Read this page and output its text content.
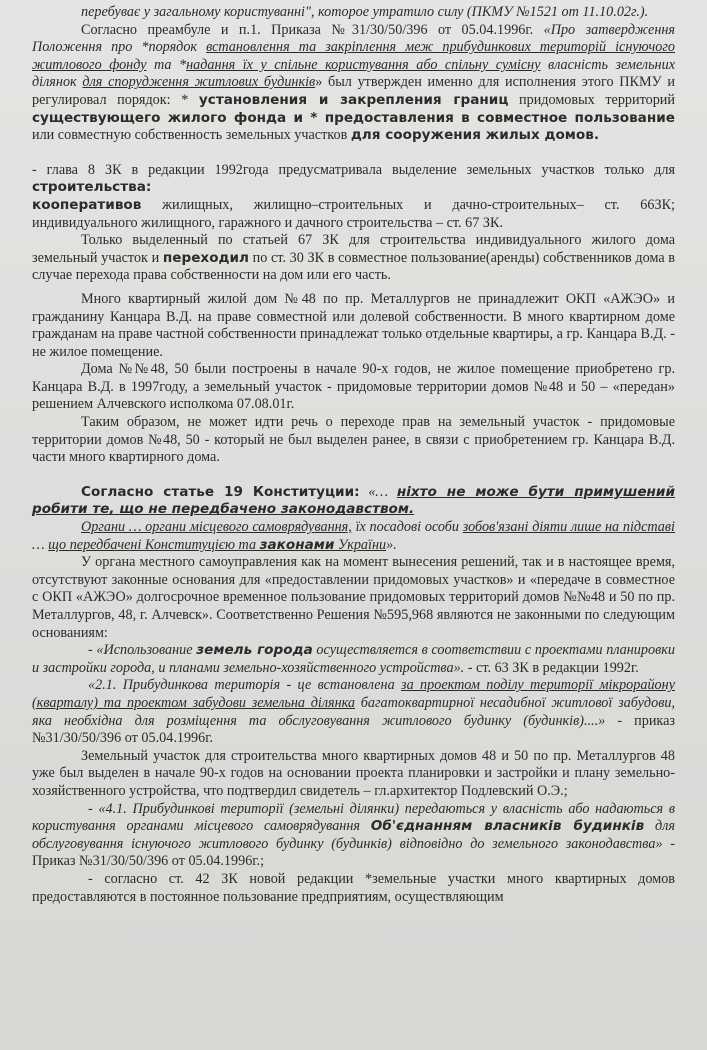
перебуває у загальному користуванні", которое утратило силу (ПКМУ №1521 от 11.10.02г.).

Согласно преамбуле и п.1. Приказа №31/30/50/396 от 05.04.1996г. «Про затвердження Положення про *порядок встановлення та закріплення меж прибудинкових територій існуючого житлового фонду та *надання їх у спільне користування або спільну сумісну власність земельних ділянок для спорудження житлових будинків» был утвержден именно для исполнения этого ПКМУ и регулировал порядок: * установления и закрепления границ придомовых территорий существующего жилого фонда и * предоставления в совместное пользование или совместную собственность земельных участков для сооружения жилых домов.

- глава 8 ЗК в редакции 1992года предусматривала выделение земельных участков только для строительства:

кооперативов жилищных, жилищно–строительных и дачно-строительных– ст. 66ЗК; индивидуального жилищного, гаражного и дачного строительства – ст. 67 ЗК.

Только выделенный по статьей 67 ЗК для строительства индивидуального жилого дома земельный участок и переходил по ст. 30 ЗК в совместное пользование(аренды) собственников дома в случае перехода права собственности на дом или его часть.

Много квартирный жилой дом №48 по пр. Металлургов не принадлежит ОКП «АЖЭО» и гражданину Канцара В.Д. на праве совместной или долевой собственности. В много квартирном доме гражданам на праве частной собственности принадлежат только отдельные квартиры, а гр. Канцара В.Д. - не жилое помещение.

Дома №№48, 50 были построены в начале 90-х годов, не жилое помещение приобретено гр. Канцара В.Д. в 1997году, а земельный участок - придомовые территории домов №48 и 50 – «передан» решением Алчевского исполкома 07.08.01г.

Таким образом, не может идти речь о переходе прав на земельный участок - придомовые территории домов №48, 50 - который не был выделен ранее, в связи с приобретением гр. Канцара В.Д. части много квартирного дома.

Согласно статье 19 Конституции: «… ніхто не може бути примушений робити те, що не передбачено законодавством.

Органи … органи місцевого самоврядування, їх посадові особи зобов'язані діяти лише на підставі … що передбачені Конституцією та законами України».

У органа местного самоуправления как на момент вынесения решений, так и в настоящее время, отсутствуют законные основания для «предоставлении придомовых участков» и «передаче в совместное с ОКП «АЖЭО» долгосрочное временное пользование придомовых территорий домов №№48 и 50 по пр. Металлургов, 48, г. Алчевск». Соответственно Решения №595,968 являются не законными по следующим основаниям:

- «Использование земель города осуществляется в соответствии с проектами планировки и застройки города, и планами земельно-хозяйственного устройства». - ст. 63 ЗК в редакции 1992г.

«2.1. Прибудинкова територія - це встановлена за проектом поділу території мікрорайону (кварталу) та проектом забудови земельна ділянка багатоквартирної несадибної житлової забудови, яка необхідна для розміщення та обслуговування житлового будинку (будинків)....» - приказ №31/30/50/396 от 05.04.1996г.

Земельный участок для строительства много квартирных домов 48 и 50 по пр. Металлургов 48 уже был выделен в начале 90-х годов на основании проекта планировки и застройки и плану земельно-хозяйственного устройства, что подтвердил свидетель – гл.архитектор Подлевский О.Э.;

- «4.1. Прибудинкові території (земельні ділянки) передаються у власність або надаються в користування органами місцевого самоврядування Об'єднанням власників будинків для обслуговування існуючого житлового будинку (будинків) відповідно до земельного законодавства» - Приказ №31/30/50/396 от 05.04.1996г.;

- согласно ст. 42 ЗК новой редакции *земельные участки много квартирных домов предоставляются в постоянное пользование предприятиям, осуществляющим
